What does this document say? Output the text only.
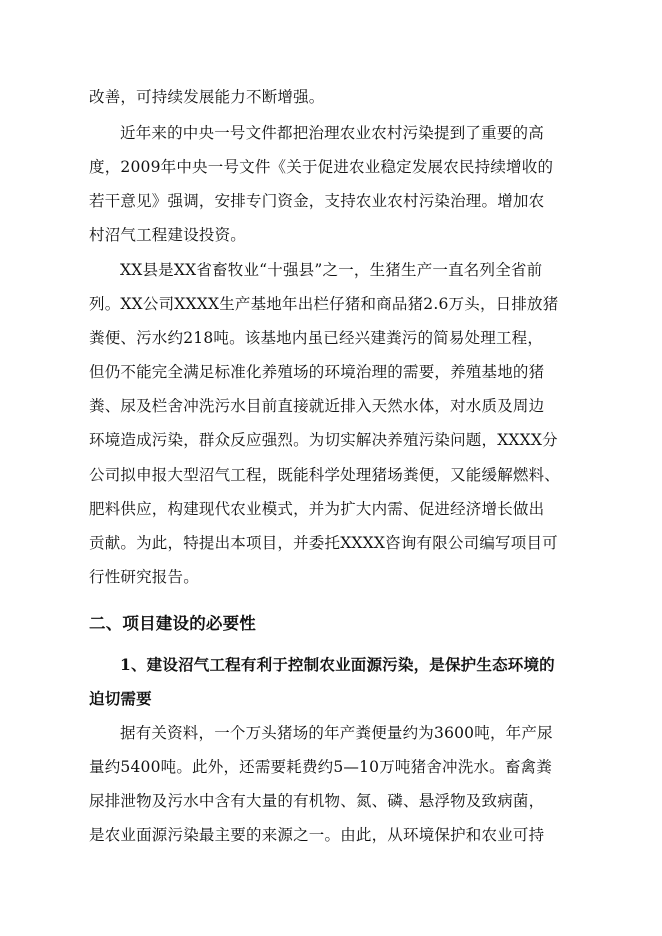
改善，可持续发展能力不断增强。
近年来的中央一号文件都把治理农业农村污染提到了重要的高
度，2009年中央一号文件《关于促进农业稳定发展农民持续增收的
若干意见》强调，安排专门资金，支持农业农村污染治理。增加农
村沼气工程建设投资。
XX县是XX省畜牧业“十强县”之一，生猪生产一直名列全省前
列。XX公司XXXX生产基地年出栏仔猪和商品猪2.6万头，日排放猪
粪便、污水约218吨。该基地内虽已经兴建粪污的简易处理工程，
但仍不能完全满足标准化养殖场的环境治理的需要，养殖基地的猪
粪、尿及栏舍冲洗污水目前直接就近排入天然水体，对水质及周边
环境造成污染，群众反应强烈。为切实解决养殖污染问题，XXXX分
公司拟申报大型沼气工程，既能科学处理猪场粪便，又能缓解燃料、
肥料供应，构建现代农业模式，并为扩大内需、促进经济增长做出
贡献。为此，特提出本项目，并委托XXXX咨询有限公司编写项目可
行性研究报告。
二、项目建设的必要性
1、建设沼气工程有利于控制农业面源污染，是保护生态环境的
迫切需要
据有关资料，一个万头猪场的年产粪便量约为3600吨，年产尿
量约5400吨。此外，还需要耗费约5—10万吨猪舍冲洗水。畜禽粪
尿排泄物及污水中含有大量的有机物、氮、磷、悬浮物及致病菌，
是农业面源污染最主要的来源之一。由此，从环境保护和农业可持
